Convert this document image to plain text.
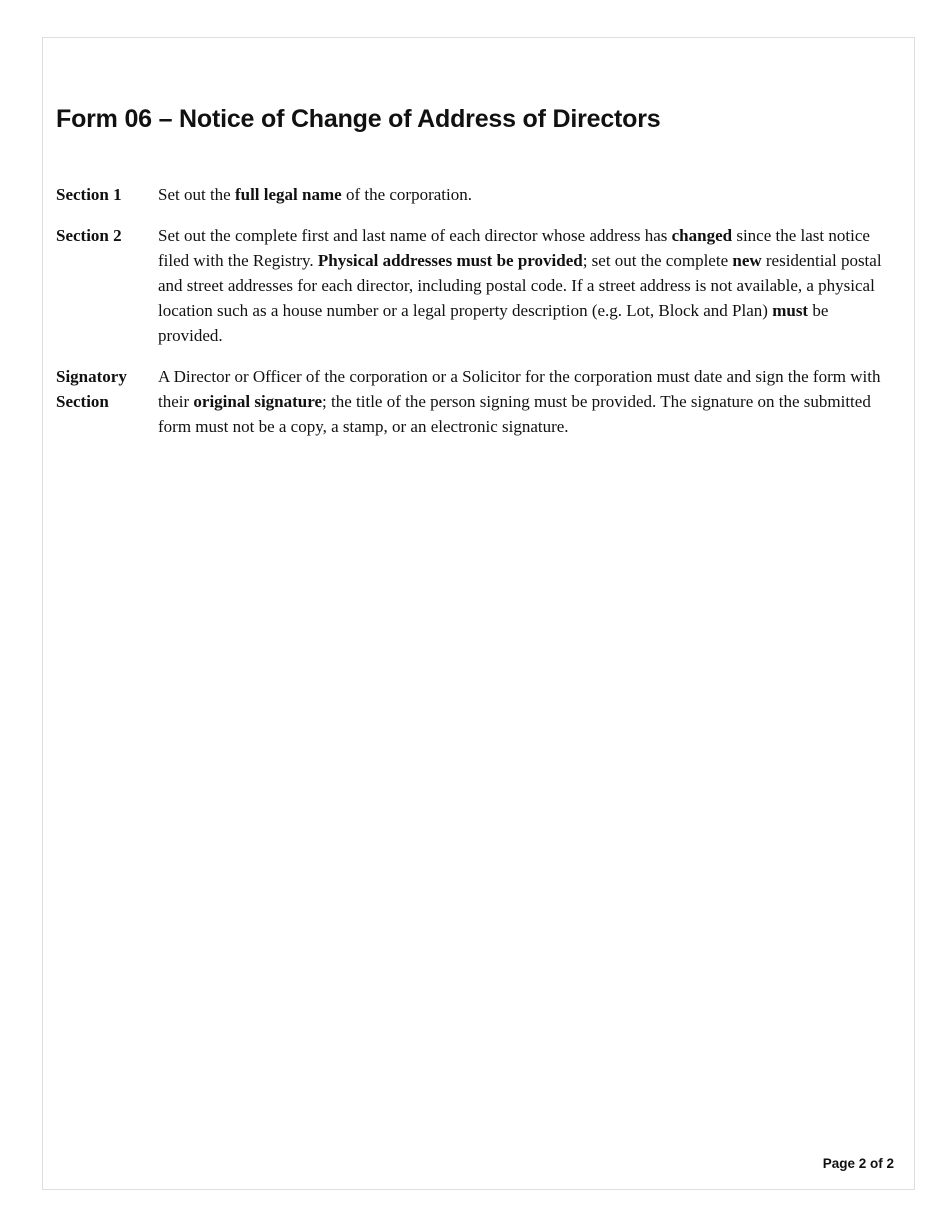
Form 06 – Notice of Change of Address of Directors
Section 1	Set out the full legal name of the corporation.
Section 2	Set out the complete first and last name of each director whose address has changed since the last notice filed with the Registry. Physical addresses must be provided; set out the complete new residential postal and street addresses for each director, including postal code. If a street address is not available, a physical location such as a house number or a legal property description (e.g. Lot, Block and Plan) must be provided.
Signatory Section
A Director or Officer of the corporation or a Solicitor for the corporation must date and sign the form with their original signature; the title of the person signing must be provided. The signature on the submitted form must not be a copy, a stamp, or an electronic signature.
Page 2 of 2
